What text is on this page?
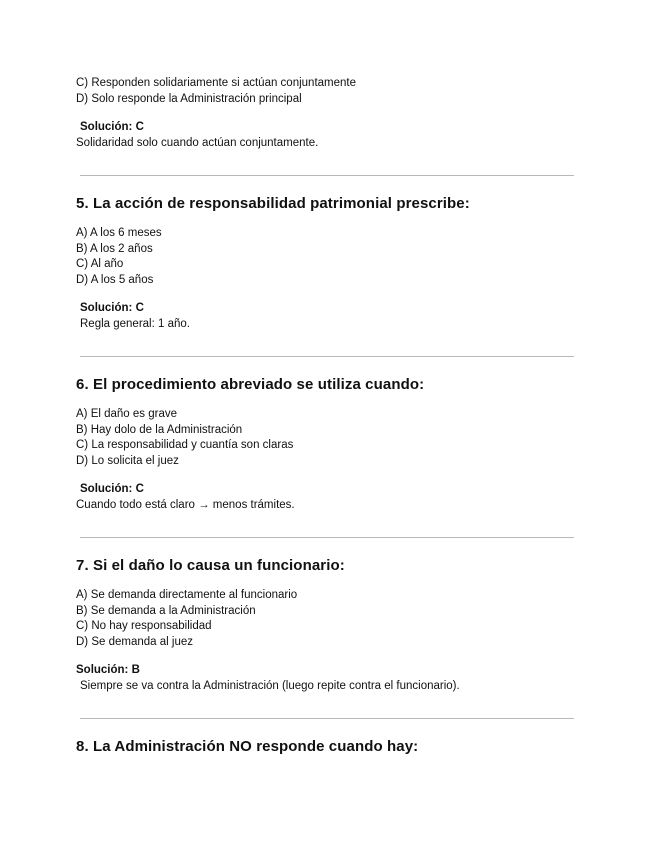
C) Responden solidariamente si actúan conjuntamente
D) Solo responde la Administración principal
Solución: C
Solidaridad solo cuando actúan conjuntamente.
5. La acción de responsabilidad patrimonial prescribe:
A) A los 6 meses
B) A los 2 años
C) Al año
D) A los 5 años
Solución: C
Regla general: 1 año.
6. El procedimiento abreviado se utiliza cuando:
A) El daño es grave
B) Hay dolo de la Administración
C) La responsabilidad y cuantía son claras
D) Lo solicita el juez
Solución: C
Cuando todo está claro → menos trámites.
7. Si el daño lo causa un funcionario:
A) Se demanda directamente al funcionario
B) Se demanda a la Administración
C) No hay responsabilidad
D) Se demanda al juez
Solución: B
Siempre se va contra la Administración (luego repite contra el funcionario).
8. La Administración NO responde cuando hay:
